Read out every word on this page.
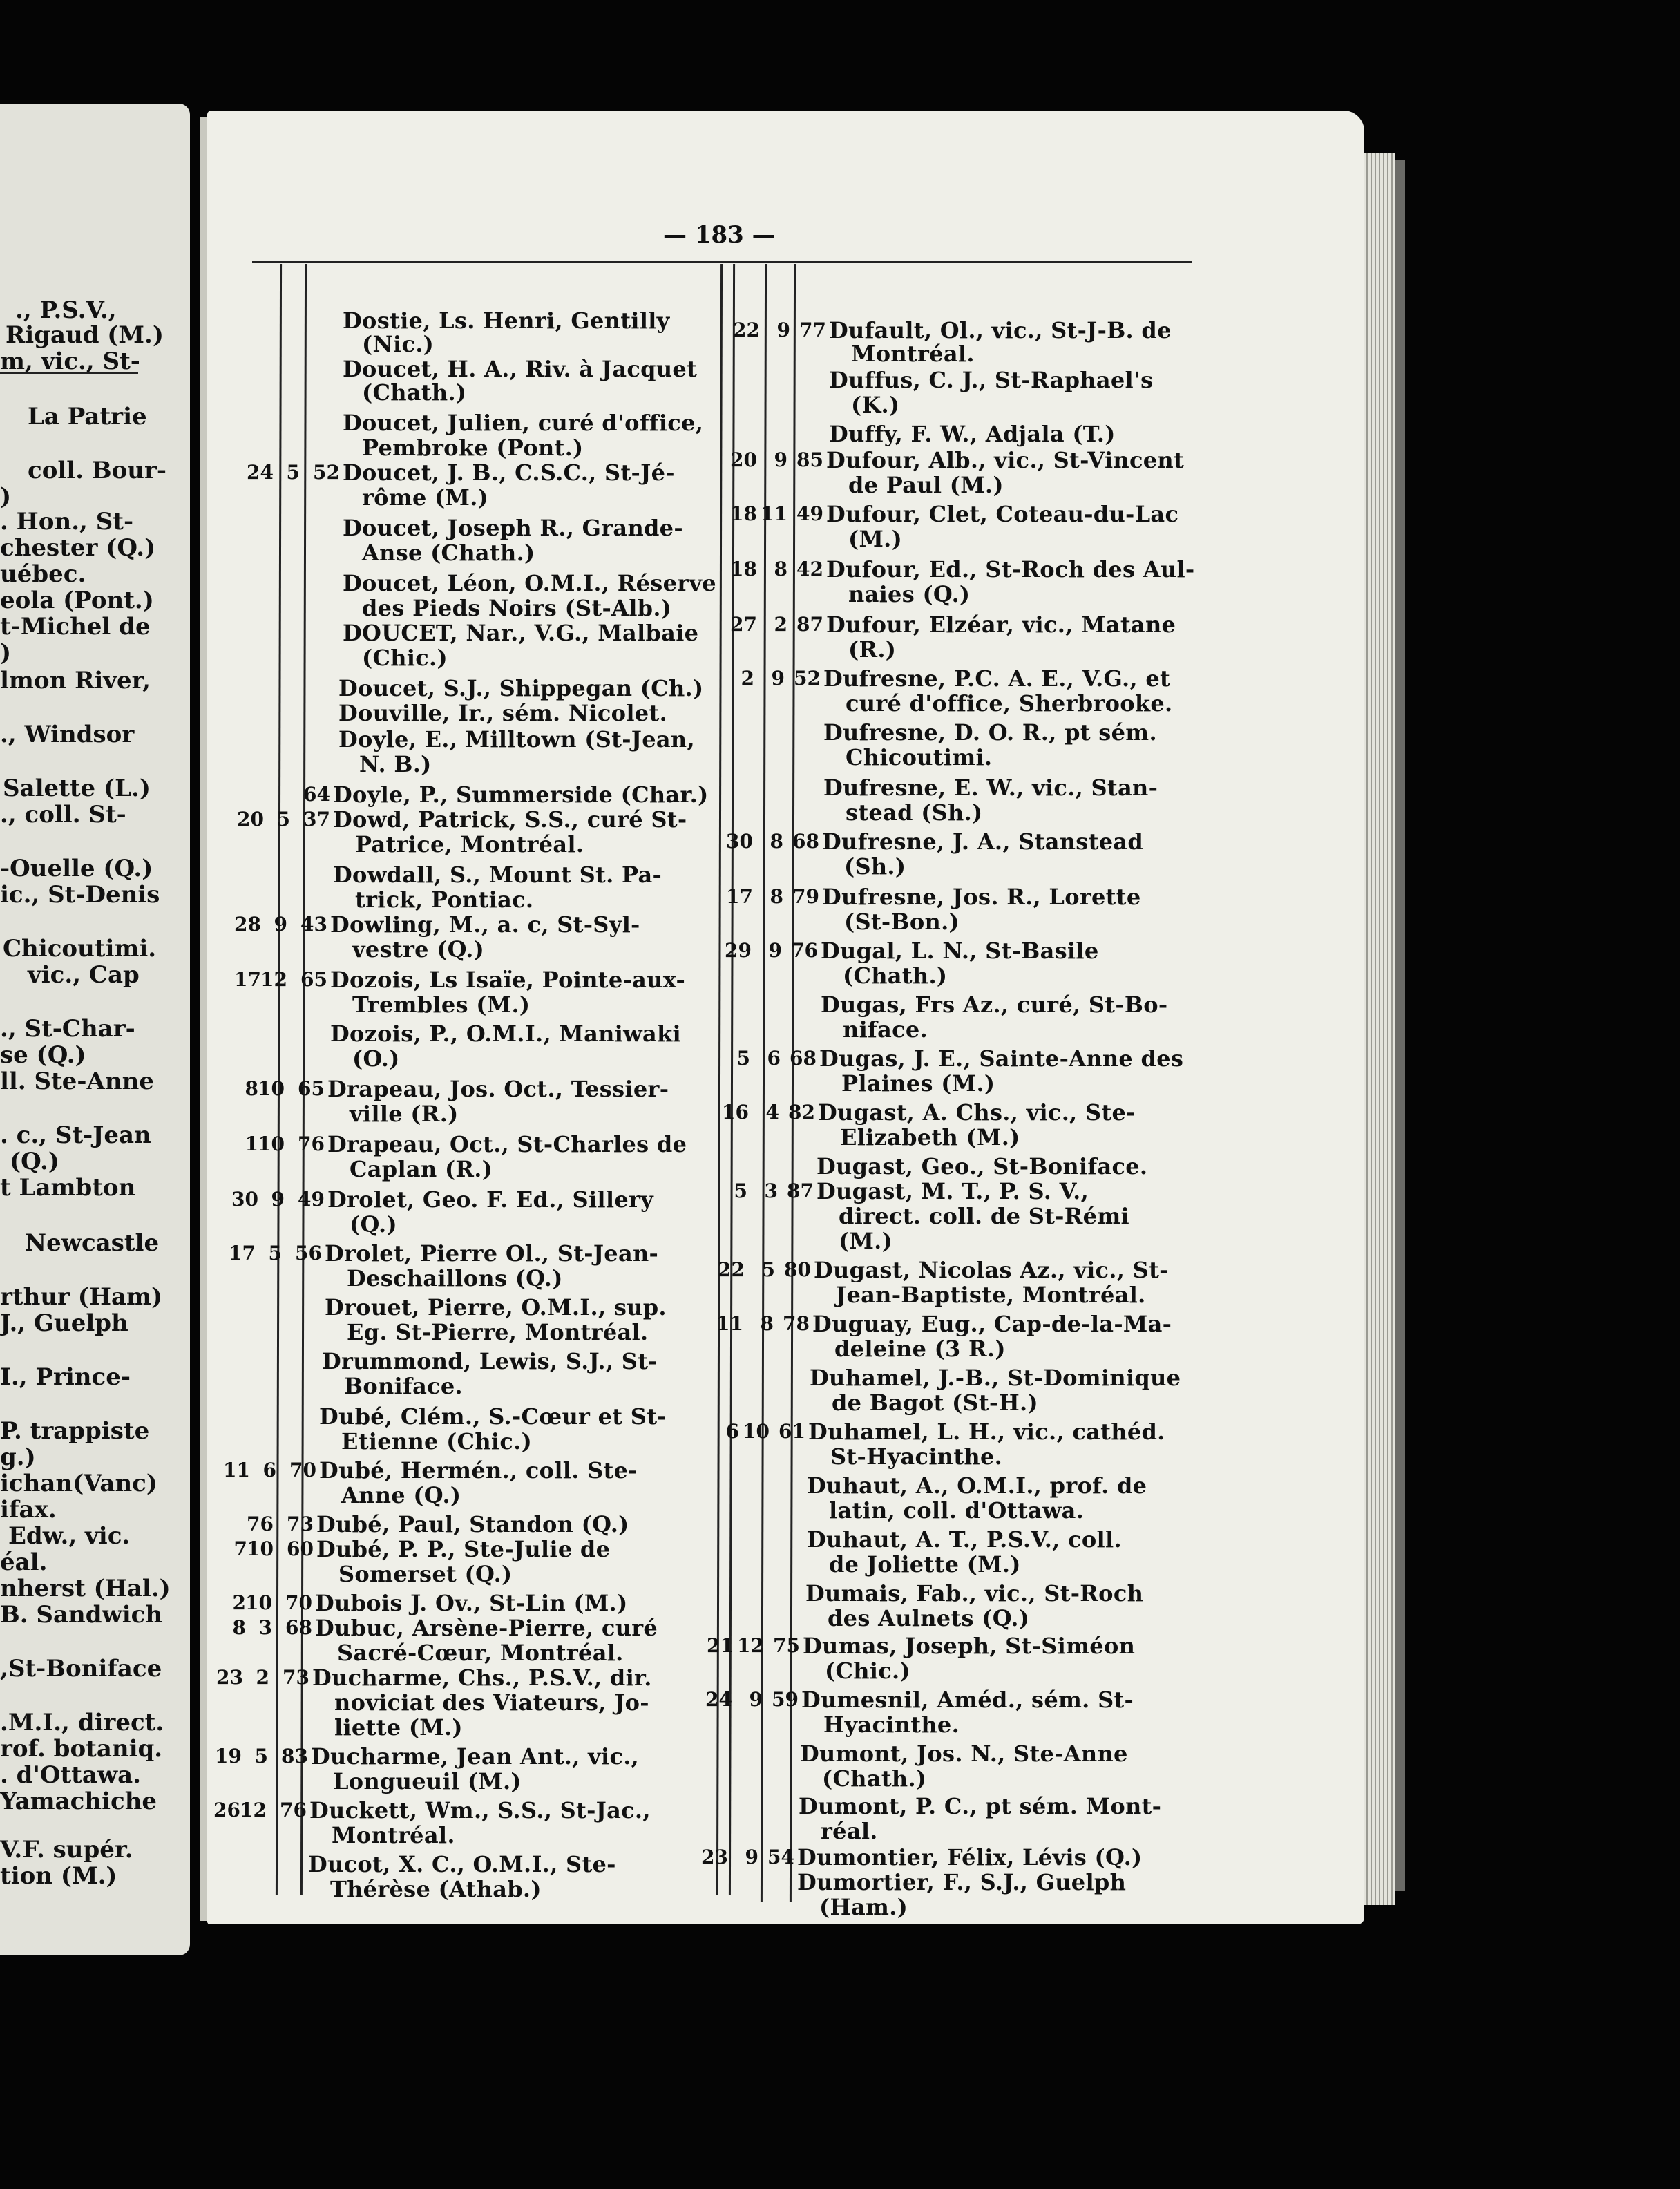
., P.S.V.,
Rigaud (M.)
m, vic., St-
La Patrie
coll. Bour-
)
. Hon., St-
chester (Q.)
uébec.
eola (Pont.)
t-Michel de
)
lmon River,
., Windsor
Salette (L.)
., coll. St-
-Ouelle (Q.)
ic., St-Denis
Chicoutimi.
vic., Cap
., St-Char-
se (Q.)
ll. Ste-Anne
. c., St-Jean
(Q.)
t Lambton
Newcastle
rthur (Ham)
J., Guelph
I., Prince-
P. trappiste
g.)
ichan(Vanc)
ifax.
Edw., vic.
éal.
nherst (Hal.)
B. Sandwich
,St-Boniface
.M.I., direct.
rof. botaniq.
. d'Ottawa.
Yamachiche
V.F. supér.
tion (M.)
— 183 —
Dostie, Ls. Henri, Gentilly
(Nic.)
Doucet, H. A., Riv. à Jacquet
(Chath.)
Doucet, Julien, curé d'office,
Pembroke (Pont.)
Doucet, J. B., C.S.C., St-Jé-
24 5 52
rôme (M.)
Doucet, Joseph R., Grande-
Anse (Chath.)
Doucet, Léon, O.M.I., Réserve
des Pieds Noirs (St-Alb.)
DOUCET, Nar., V.G., Malbaie
(Chic.)
Doucet, S.J., Shippegan (Ch.)
Douville, Ir., sém. Nicolet.
Doyle, E., Milltown (St-Jean,
N. B.)
Doyle, P., Summerside (Char.)
64
Dowd, Patrick, S.S., curé St-
20 5 37
Patrice, Montréal.
Dowdall, S., Mount St. Pa-
trick, Pontiac.
Dowling, M., a. c, St-Syl-
28 9 43
vestre (Q.)
Dozois, Ls Isaïe, Pointe-aux-
17 12 65
Trembles (M.)
Dozois, P., O.M.I., Maniwaki
(O.)
Drapeau, Jos. Oct., Tessier-
8 10 65
ville (R.)
Drapeau, Oct., St-Charles de
1 10 76
Caplan (R.)
Drolet, Geo. F. Ed., Sillery
30 9 49
(Q.)
Drolet, Pierre Ol., St-Jean-
17 5 56
Deschaillons (Q.)
Drouet, Pierre, O.M.I., sup.
Eg. St-Pierre, Montréal.
Drummond, Lewis, S.J., St-
Boniface.
Dubé, Clém., S.-Cœur et St-
Etienne (Chic.)
Dubé, Hermén., coll. Ste-
11 6 70
Anne (Q.)
Dubé, Paul, Standon (Q.)
76 73
Dubé, P. P., Ste-Julie de
7 10 60
Somerset (Q.)
Dubois J. Ov., St-Lin (M.)
2 10 70
Dubuc, Arsène-Pierre, curé
8 3 68
Sacré-Cœur, Montréal.
Ducharme, Chs., P.S.V., dir.
23 2 73
noviciat des Viateurs, Jo-
liette (M.)
Ducharme, Jean Ant., vic.,
19 5 83
Longueuil (M.)
Duckett, Wm., S.S., St-Jac.,
26 12 76
Montréal.
Ducot, X. C., O.M.I., Ste-
Thérèse (Athab.)
Dufault, Ol., vic., St-J-B. de
22 9 77
Montréal.
Duffus, C. J., St-Raphael's
(K.)
Duffy, F. W., Adjala (T.)
Dufour, Alb., vic., St-Vincent
20 9 85
de Paul (M.)
Dufour, Clet, Coteau-du-Lac
18 11 49
(M.)
Dufour, Ed., St-Roch des Aul-
18 8 42
naies (Q.)
Dufour, Elzéar, vic., Matane
27 2 87
(R.)
Dufresne, P.C. A. E., V.G., et
2 9 52
curé d'office, Sherbrooke.
Dufresne, D. O. R., pt sém.
Chicoutimi.
Dufresne, E. W., vic., Stan-
stead (Sh.)
Dufresne, J. A., Stanstead
30 8 68
(Sh.)
Dufresne, Jos. R., Lorette
17 8 79
(St-Bon.)
Dugal, L. N., St-Basile
29 9 76
(Chath.)
Dugas, Frs Az., curé, St-Bo-
niface.
Dugas, J. E., Sainte-Anne des
5 6 68
Plaines (M.)
Dugast, A. Chs., vic., Ste-
16 4 82
Elizabeth (M.)
Dugast, Geo., St-Boniface.
Dugast, M. T., P. S. V.,
5 3 87
direct. coll. de St-Rémi
(M.)
Dugast, Nicolas Az., vic., St-
22 5 80
Jean-Baptiste, Montréal.
Duguay, Eug., Cap-de-la-Ma-
11 8 78
deleine (3 R.)
Duhamel, J.-B., St-Dominique
de Bagot (St-H.)
Duhamel, L. H., vic., cathéd.
6 10 61
St-Hyacinthe.
Duhaut, A., O.M.I., prof. de
latin, coll. d'Ottawa.
Duhaut, A. T., P.S.V., coll.
de Joliette (M.)
Dumais, Fab., vic., St-Roch
des Aulnets (Q.)
Dumas, Joseph, St-Siméon
21 12 75
(Chic.)
Dumesnil, Améd., sém. St-
24 9 59
Hyacinthe.
Dumont, Jos. N., Ste-Anne
(Chath.)
Dumont, P. C., pt sém. Mont-
réal.
Dumontier, Félix, Lévis (Q.)
23 9 54
Dumortier, F., S.J., Guelph
(Ham.)
